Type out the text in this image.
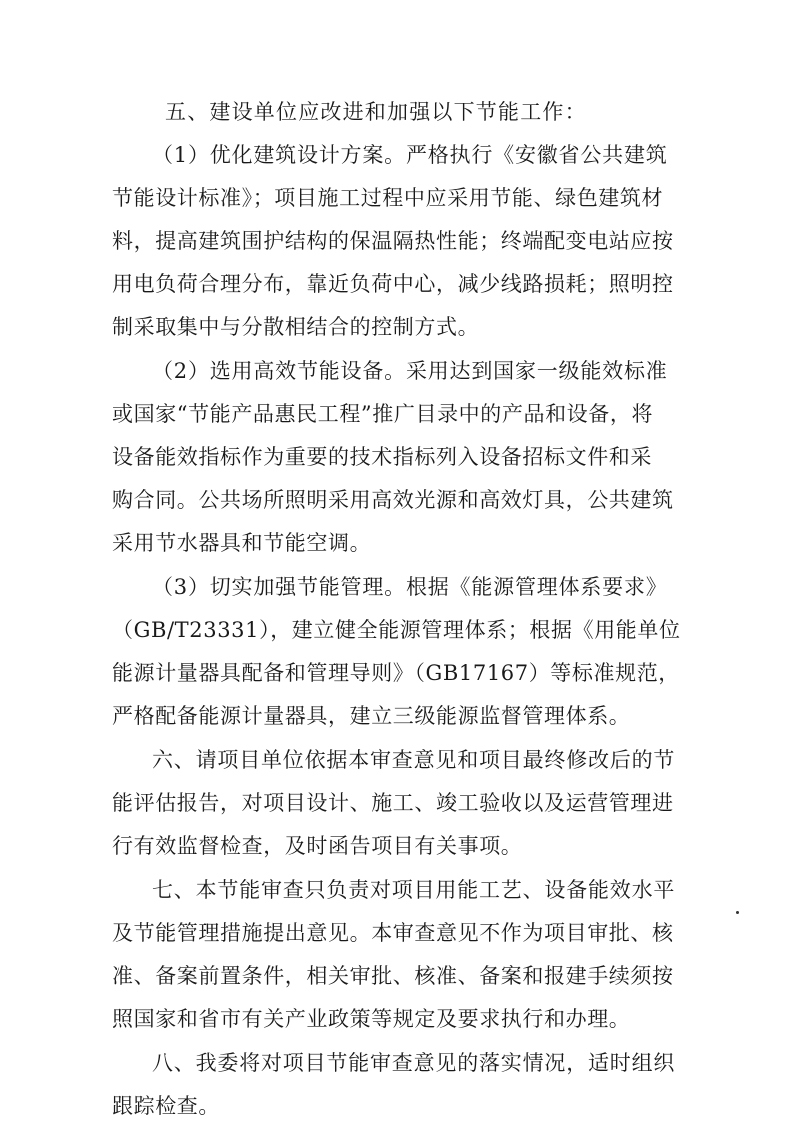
五、建设单位应改进和加强以下节能工作：
（1）优化建筑设计方案。严格执行《安徽省公共建筑
节能设计标准》；项目施工过程中应采用节能、绿色建筑材
料，提高建筑围护结构的保温隔热性能；终端配变电站应按
用电负荷合理分布，靠近负荷中心，减少线路损耗；照明控
制采取集中与分散相结合的控制方式。
（2）选用高效节能设备。采用达到国家一级能效标准
或国家“节能产品惠民工程”推广目录中的产品和设备，将
设备能效指标作为重要的技术指标列入设备招标文件和采
购合同。公共场所照明采用高效光源和高效灯具，公共建筑
采用节水器具和节能空调。
（3）切实加强节能管理。根据《能源管理体系要求》
（GB/T23331），建立健全能源管理体系；根据《用能单位
能源计量器具配备和管理导则》（GB17167）等标准规范，
严格配备能源计量器具，建立三级能源监督管理体系。
六、请项目单位依据本审查意见和项目最终修改后的节
能评估报告，对项目设计、施工、竣工验收以及运营管理进
行有效监督检查，及时函告项目有关事项。
七、本节能审查只负责对项目用能工艺、设备能效水平
及节能管理措施提出意见。本审查意见不作为项目审批、核
准、备案前置条件，相关审批、核准、备案和报建手续须按
照国家和省市有关产业政策等规定及要求执行和办理。
八、我委将对项目节能审查意见的落实情况，适时组织
跟踪检查。
